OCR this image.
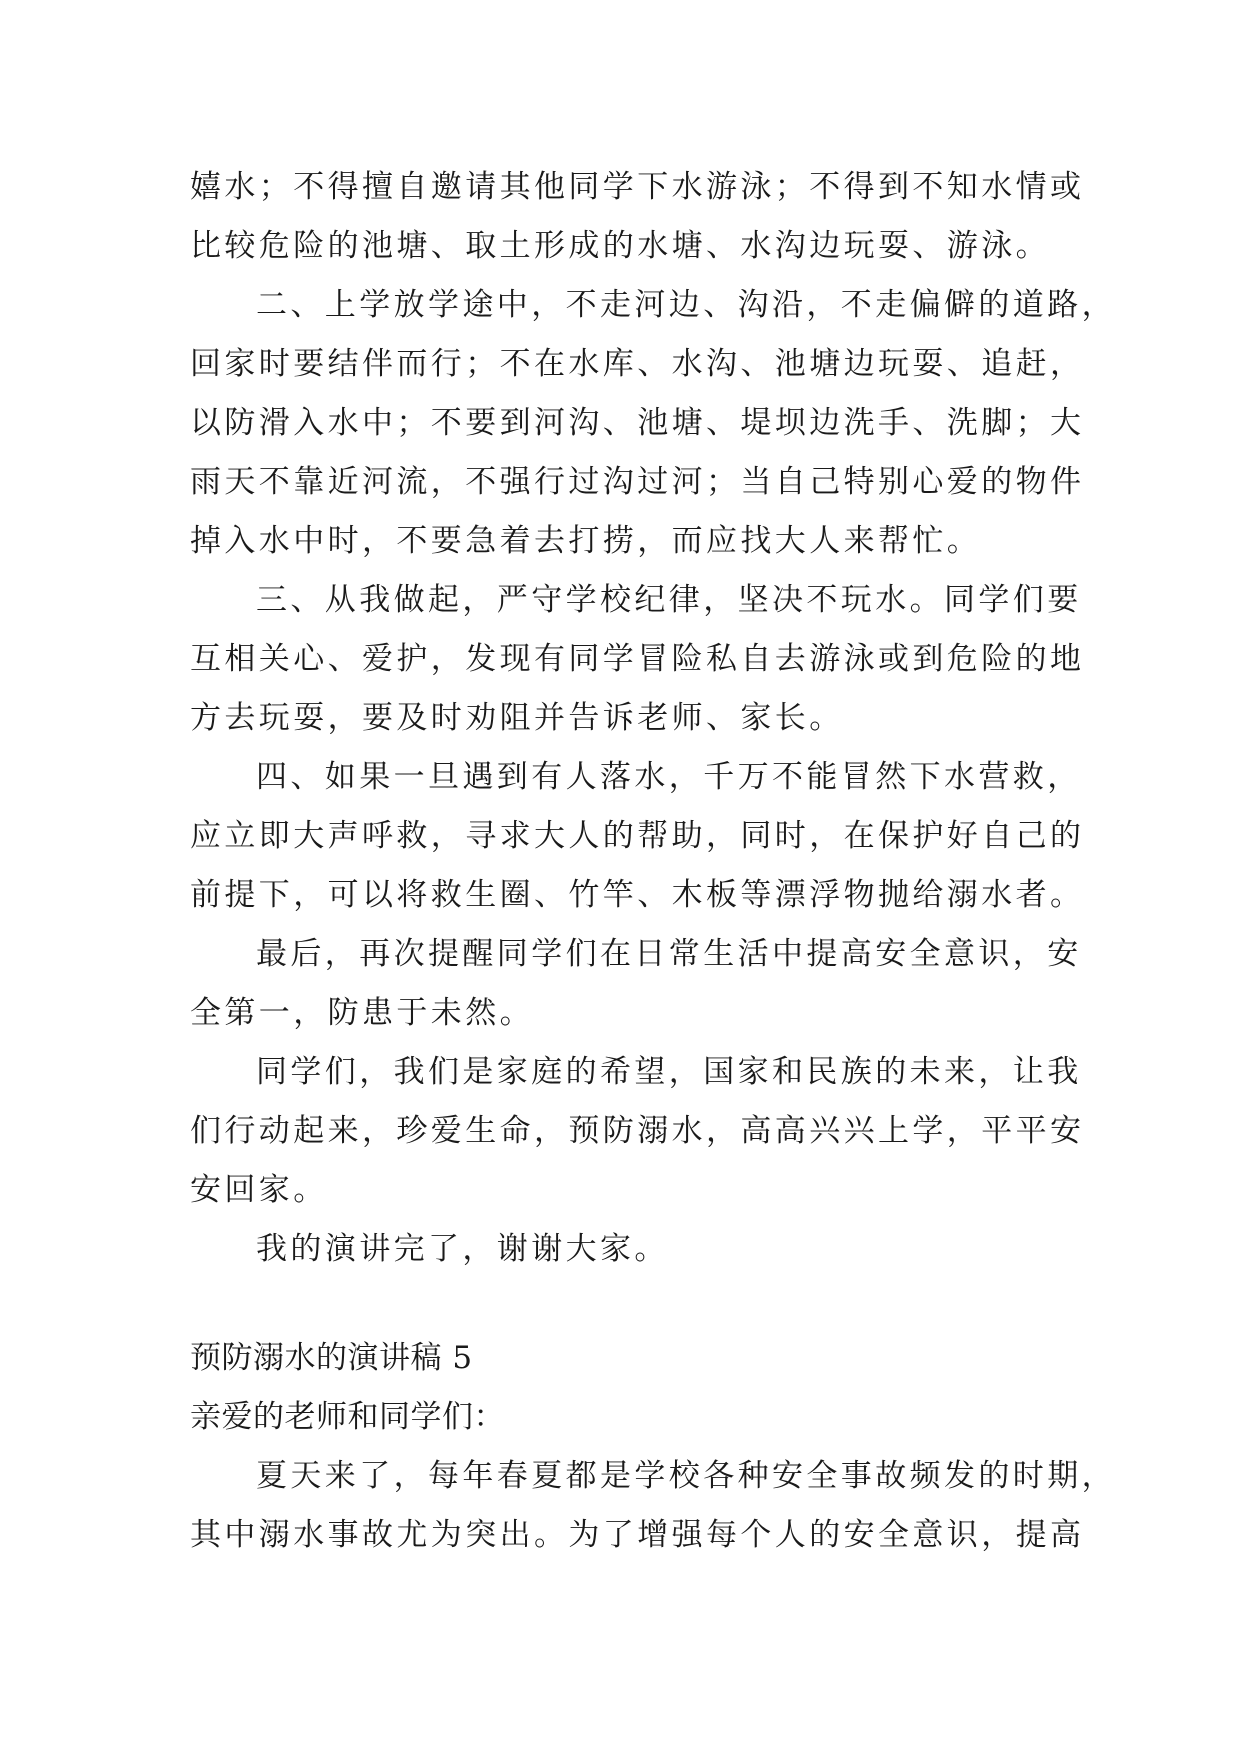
嬉水；不得擅自邀请其他同学下水游泳；不得到不知水情或
比较危险的池塘、取土形成的水塘、水沟边玩耍、游泳。
二、上学放学途中，不走河边、沟沿，不走偏僻的道路，
回家时要结伴而行；不在水库、水沟、池塘边玩耍、追赶，
以防滑入水中；不要到河沟、池塘、堤坝边洗手、洗脚；大
雨天不靠近河流，不强行过沟过河；当自己特别心爱的物件
掉入水中时，不要急着去打捞，而应找大人来帮忙。
三、从我做起，严守学校纪律，坚决不玩水。同学们要
互相关心、爱护，发现有同学冒险私自去游泳或到危险的地
方去玩耍，要及时劝阻并告诉老师、家长。
四、如果一旦遇到有人落水，千万不能冒然下水营救，
应立即大声呼救，寻求大人的帮助，同时，在保护好自己的
前提下，可以将救生圈、竹竿、木板等漂浮物抛给溺水者。
最后，再次提醒同学们在日常生活中提高安全意识，安
全第一，防患于未然。
同学们，我们是家庭的希望，国家和民族的未来，让我
们行动起来，珍爱生命，预防溺水，高高兴兴上学，平平安
安回家。
我的演讲完了，谢谢大家。
预防溺水的演讲稿 5
亲爱的老师和同学们：
夏天来了，每年春夏都是学校各种安全事故频发的时期，
其中溺水事故尤为突出。为了增强每个人的安全意识，提高
